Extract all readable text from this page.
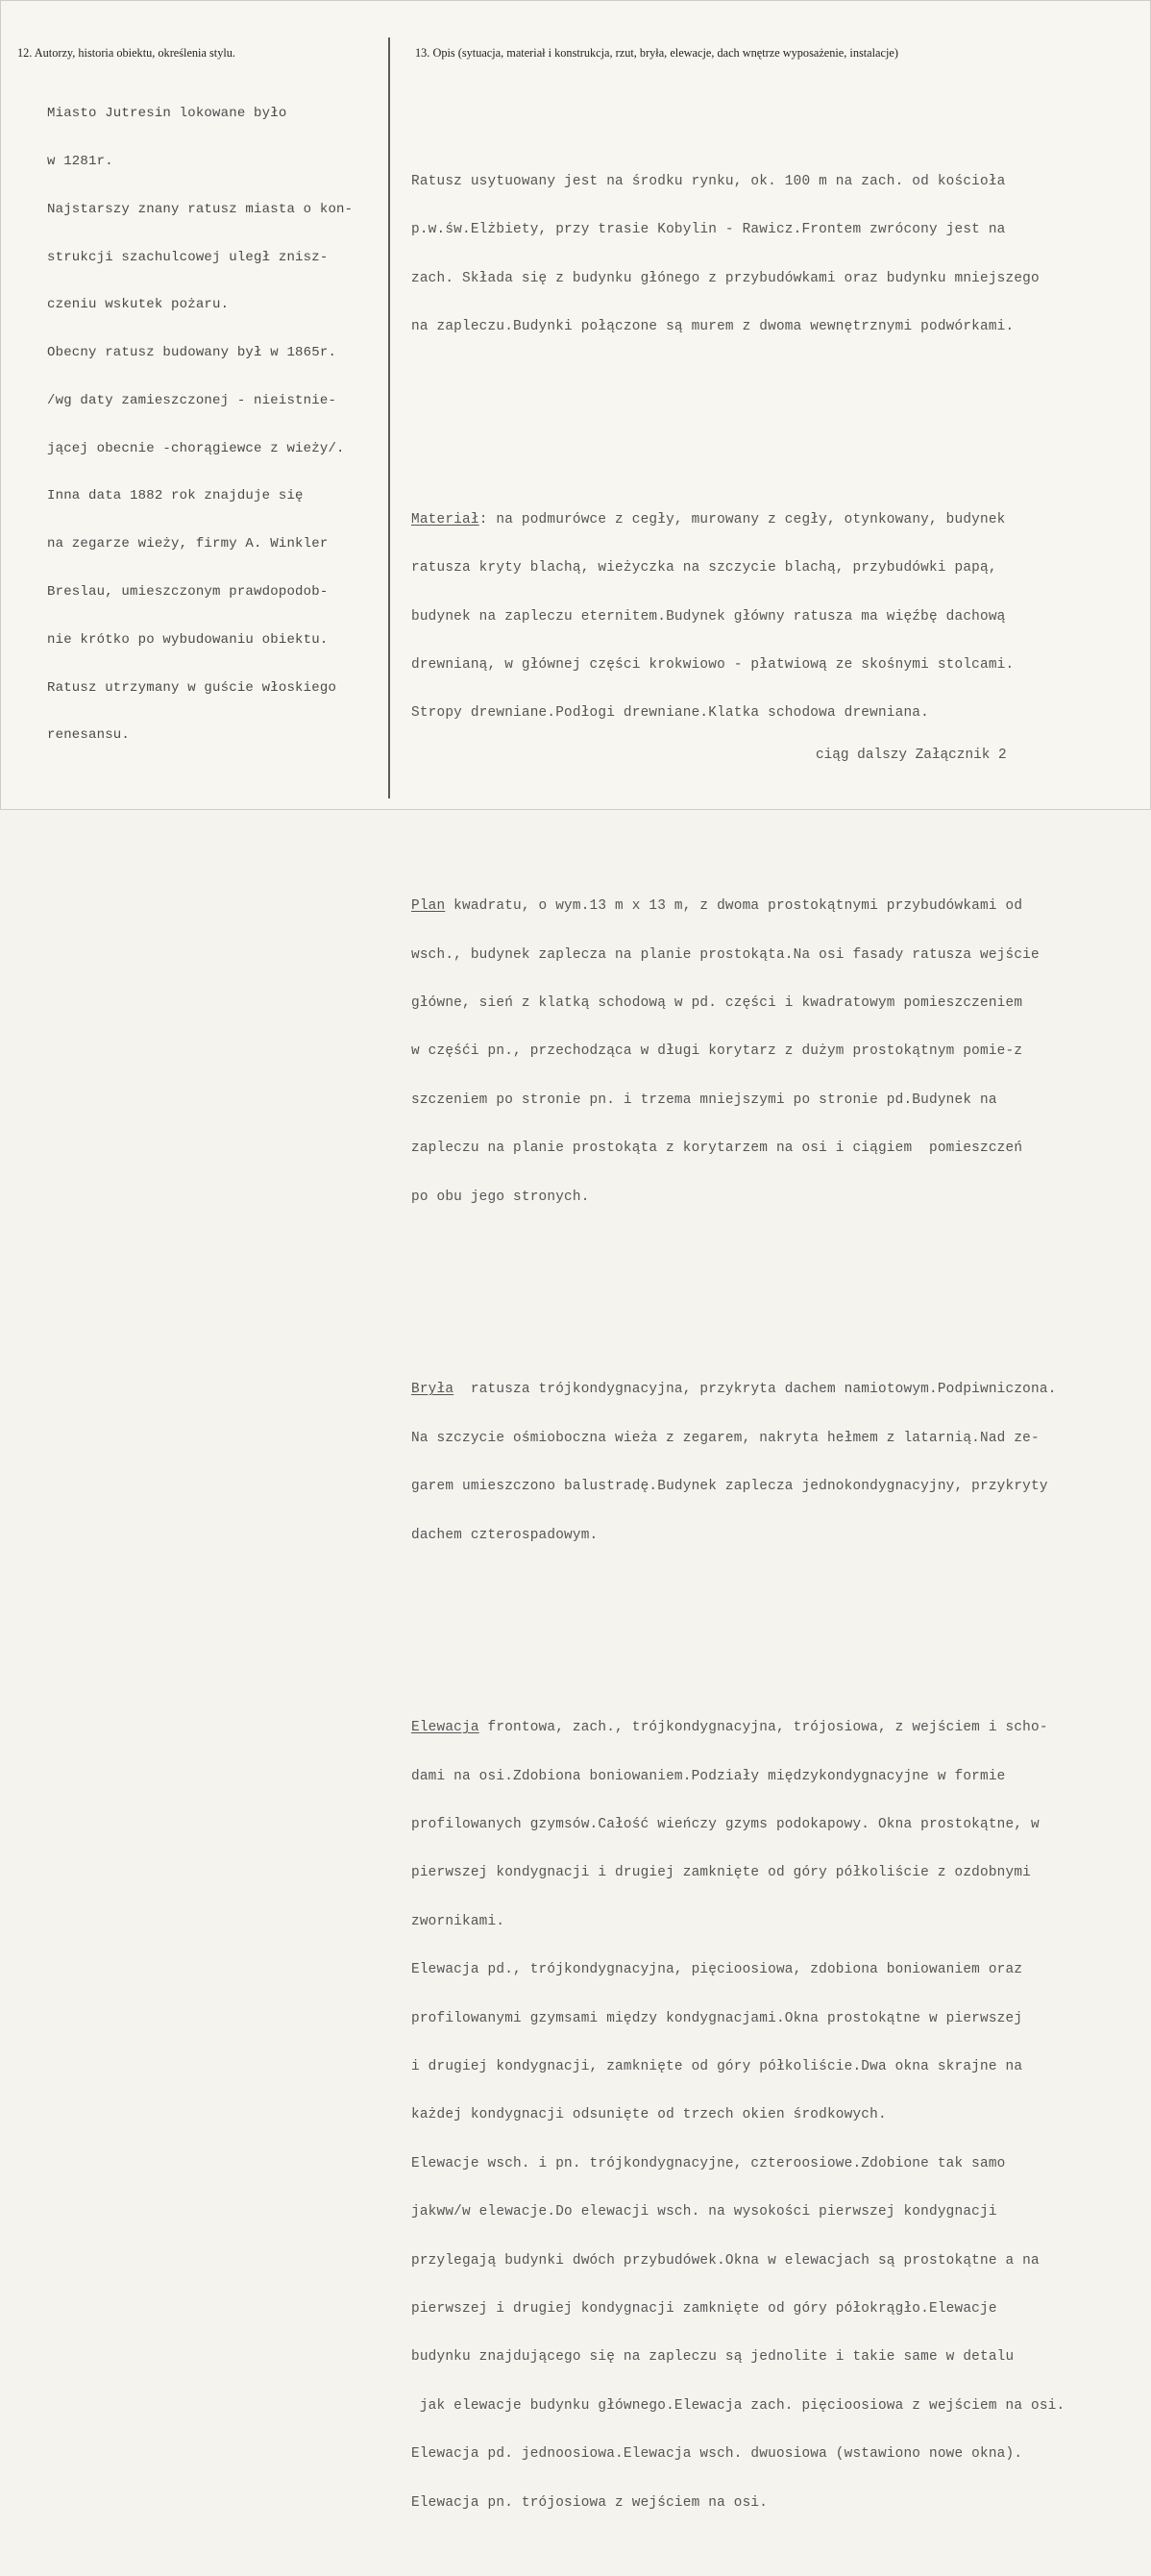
12. Autorzy, historia obiektu, określenia stylu.	13. Opis (sytuacja, materiał i konstrukcja, rzut, bryła, elewacje, dach wnętrze wyposażenie, instalacje)

Miasto Jutresin lokowane było

w 1281r.

Najstarszy znany ratusz miasta o kon-

strukcji szachulcowej uległ znisz-

czeniu wskutek pożaru.

Obecny ratusz budowany był w 1865r.

/wg daty zamieszczonej - nieistnie-

jącej obecnie -chorągiewce z wieży/.

Inna data 1882 rok znajduje się

na zegarze wieży, firmy A. Winkler

Breslau, umieszczonym prawdopodob-

nie krótko po wybudowaniu obiektu.

Ratusz utrzymany w guście włoskiego

renesansu.

Ratusz usytuowany jest na środku rynku, ok. 100 m na zach. od kościoła

p.w.św.Elżbiety, przy trasie Kobylin - Rawicz.Frontem zwrócony jest na

zach. Składa się z budynku głónego z przybudówkami oraz budynku mniejszego

na zapleczu.Budynki połączone są murem z dwoma wewnętrznymi podwórkami.

Materiał: na podmurówce z cegły, murowany z cegły, otynkowany, budynek

ratusza kryty blachą, wieżyczka na szczycie blachą, przybudówki papą,

budynek na zapleczu eternitem.Budynek główny ratusza ma więźbę dachową

drewnianą, w głównej części krokwiowo - płatwiową ze skośnymi stolcami.

Stropy drewniane.Podłogi drewniane.Klatka schodowa drewniana.

Plan kwadratu, o wym.13 m x 13 m, z dwoma prostokątnymi przybudówkami od

wsch., budynek zaplecza na planie prostokąta.Na osi fasady ratusza wejście

główne, sień z klatką schodową w pd. części i kwadratowym pomieszczeniem

w częśći pn., przechodząca w długi korytarz z dużym prostokątnym pomie-z

szczeniem po stronie pn. i trzema mniejszymi po stronie pd.Budynek na

zapleczu na planie prostokąta z korytarzem na osi i ciągiem  pomieszczeń

po obu jego stronych.

Bryła  ratusza trójkondygnacyjna, przykryta dachem namiotowym.Podpiwniczona.

Na szczycie ośmioboczna wieża z zegarem, nakryta hełmem z latarnią.Nad ze-

garem umieszczono balustradę.Budynek zaplecza jednokondygnacyjny, przykryty

dachem czterospadowym.

Elewacja frontowa, zach., trójkondygnacyjna, trójosiowa, z wejściem i scho-

dami na osi.Zdobiona boniowaniem.Podziały międzykondygnacyjne w formie

profilowanych gzymsów.Całość wieńczy gzyms podokapowy. Okna prostokątne, w

pierwszej kondygnacji i drugiej zamknięte od góry półkoliście z ozdobnymi

zwornikami.

Elewacja pd., trójkondygnacyjna, pięcioosiowa, zdobiona boniowaniem oraz

profilowanymi gzymsami między kondygnacjami.Okna prostokątne w pierwszej

i drugiej kondygnacji, zamknięte od góry półkoliście.Dwa okna skrajne na

każdej kondygnacji odsunięte od trzech okien środkowych.

Elewacje wsch. i pn. trójkondygnacyjne, czteroosiowe.Zdobione tak samo

jakww/w elewacje.Do elewacji wsch. na wysokości pierwszej kondygnacji

przylegają budynki dwóch przybudówek.Okna w elewacjach są prostokątne a na

pierwszej i drugiej kondygnacji zamknięte od góry półokrągło.Elewacje

budynku znajdującego się na zapleczu są jednolite i takie same w detalu

jak elewacje budynku głównego.Elewacja zach. pięcioosiowa z wejściem na osi.

Elewacja pd. jednoosiowa.Elewacja wsch. dwuosiowa (wstawiono nowe okna).

Elewacja pn. trójosiowa z wejściem na osi.

ciąg dalszy Załącznik 2
